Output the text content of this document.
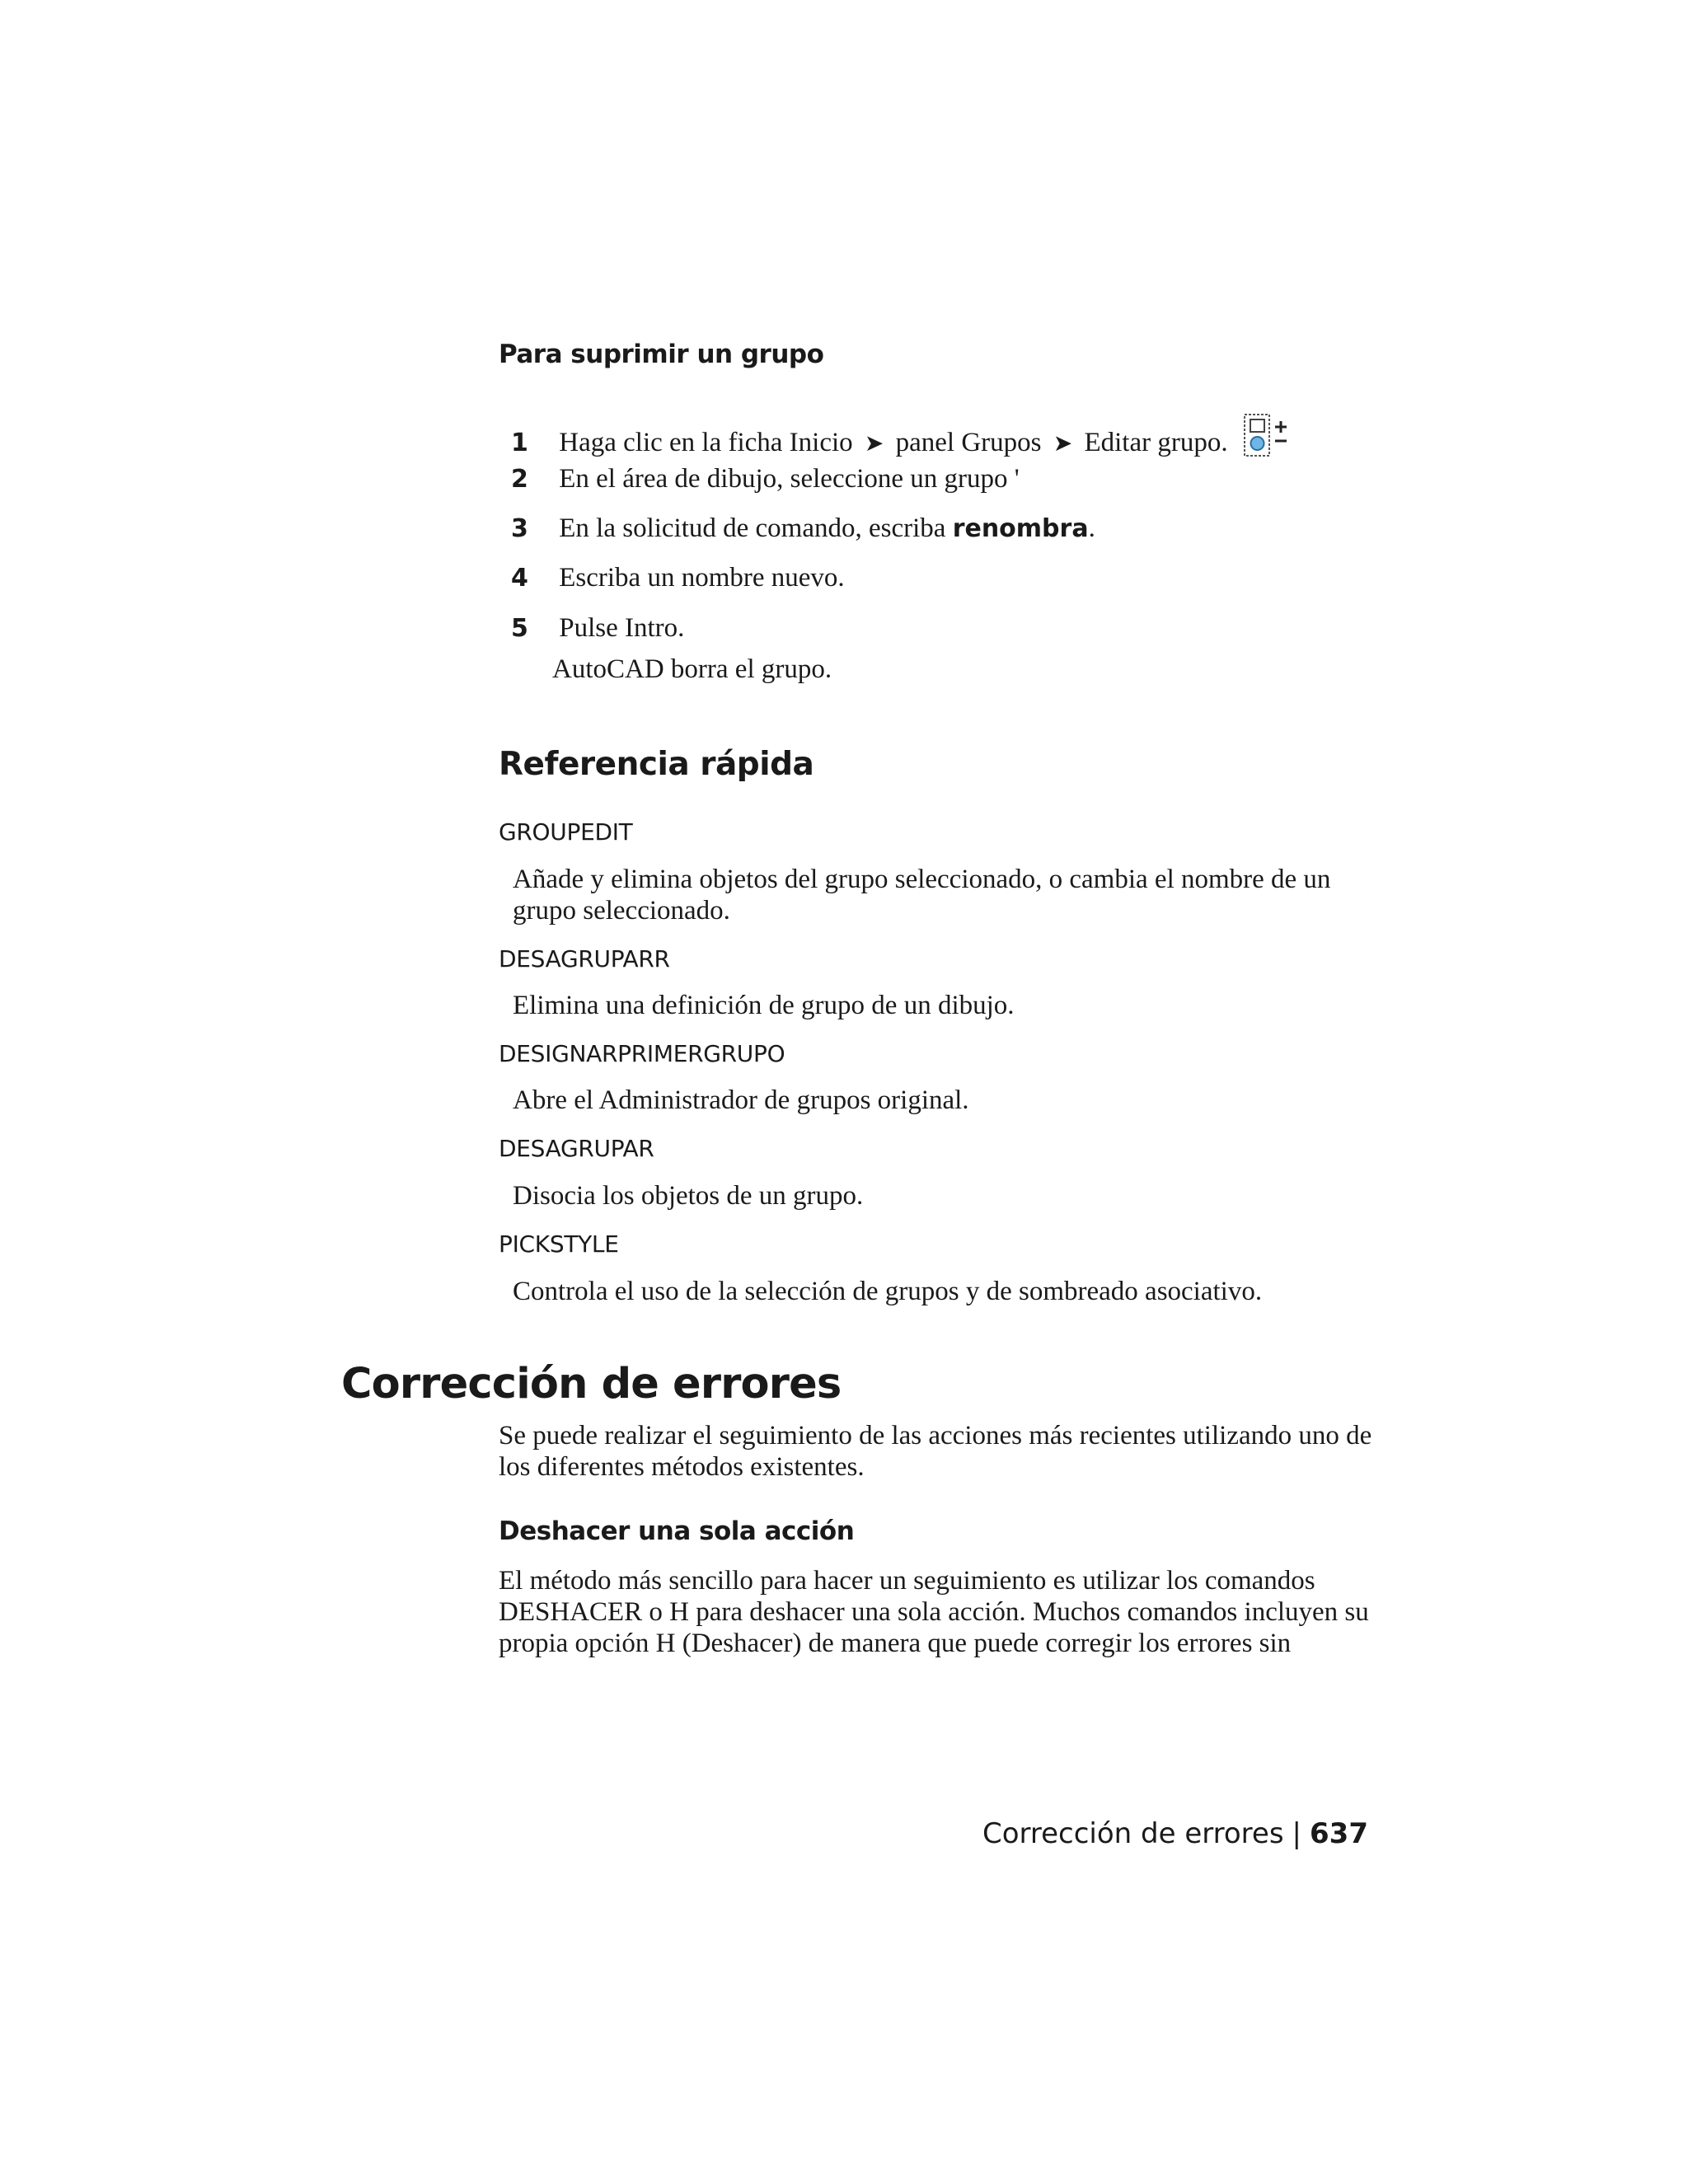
Para suprimir un grupo
1 Haga clic en la ficha Inicio ➤ panel Grupos ➤ Editar grupo.
2 En el área de dibujo, seleccione un grupo '
3 En la solicitud de comando, escriba renombra.
4 Escriba un nombre nuevo.
5 Pulse Intro.
AutoCAD borra el grupo.
Referencia rápida
GROUPEDIT
Añade y elimina objetos del grupo seleccionado, o cambia el nombre de un grupo seleccionado.
DESAGRUPARR
Elimina una definición de grupo de un dibujo.
DESIGNARPRIMERGRUPO
Abre el Administrador de grupos original.
DESAGRUPAR
Disocia los objetos de un grupo.
PICKSTYLE
Controla el uso de la selección de grupos y de sombreado asociativo.
Corrección de errores
Se puede realizar el seguimiento de las acciones más recientes utilizando uno de los diferentes métodos existentes.
Deshacer una sola acción
El método más sencillo para hacer un seguimiento es utilizar los comandos DESHACER o H para deshacer una sola acción. Muchos comandos incluyen su propia opción H (Deshacer) de manera que puede corregir los errores sin
Corrección de errores | 637
